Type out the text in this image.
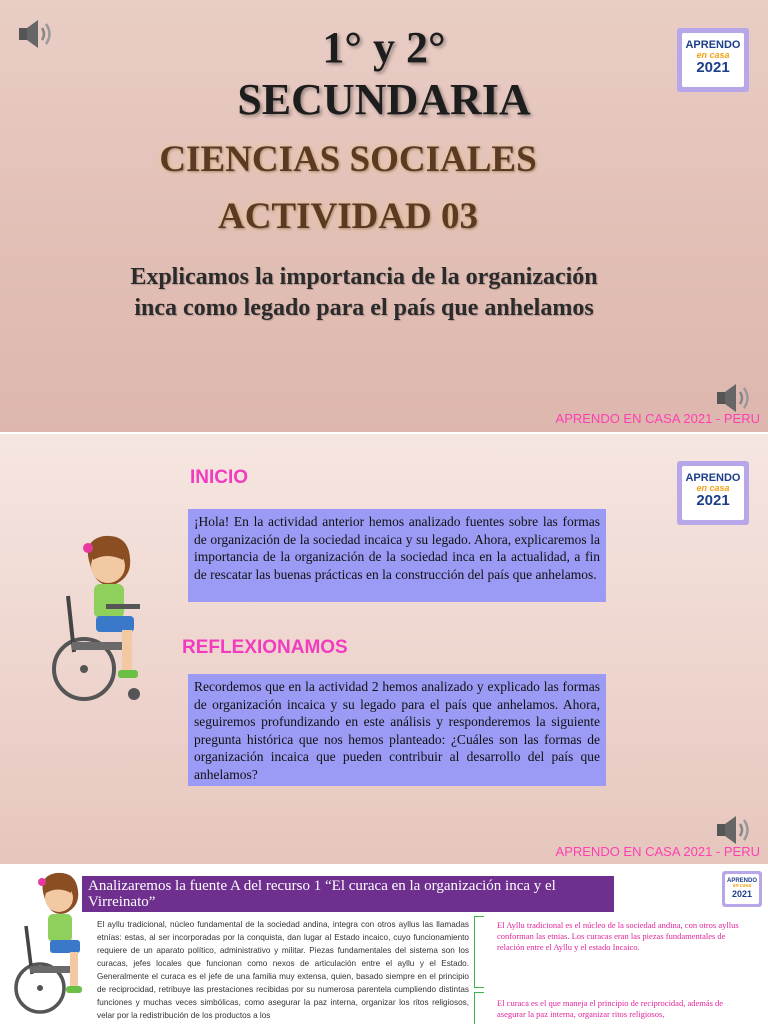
1° y 2°
SECUNDARIA
CIENCIAS SOCIALES
ACTIVIDAD 03
Explicamos la importancia de la organización inca como legado para el país que anhelamos
APRENDO
en casa
2021
APRENDO EN CASA 2021 - PERU
INICIO	APRENDO
en casa
2021
¡Hola! En la actividad anterior hemos analizado fuentes sobre las formas de organización de la sociedad incaica y su legado. Ahora, explicaremos la importancia de la organización de la sociedad inca en la actualidad, a fin de rescatar las buenas prácticas en la construcción del país que anhelamos.
REFLEXIONAMOS
Recordemos que en la actividad 2 hemos analizado y explicado las formas de organización incaica y su legado para el país que anhelamos. Ahora, seguiremos profundizando en este análisis y responderemos la siguiente pregunta histórica que nos hemos planteado: ¿Cuáles son las formas de organización incaica que pueden contribuir al desarrollo del país que anhelamos?
APRENDO EN CASA 2021 - PERU
Analizaremos la fuente A del recurso 1 “El curaca en la organización inca y el Virreinato”
APRENDO
en casa
2021
El ayllu tradicional, núcleo fundamental de la sociedad andina, integra con otros ayllus las llamadas etnías: estas, al ser incorporadas por la conquista, dan lugar al Estado incaico, cuyo funcionamiento requiere de un aparato político, administrativo y militar. Piezas fundamentales del sistema son los curacas, jefes locales que funcionan como nexos de articulación entre el ayllu y el Estado. Generalmente el curaca es el jefe de una familia muy extensa, quien, basado siempre en el principio de reciprocidad, retribuye las prestaciones recibidas por su numerosa parentela cumpliendo distintas funciones y muchas veces simbólicas, como asegurar la paz interna, organizar los ritos religiosos, velar por la redistribución de los productos a los
El Ayllu tradicional es el núcleo de la sociedad andina, con otros ayllus conforman las etnias. Los curacas eran las piezas fundamentales de relación entre el Ayllu y el estado Incaico.
El curaca es el que maneja el principio de reciprocidad, además de asegurar la paz interna, organizar ritos religiosos,
